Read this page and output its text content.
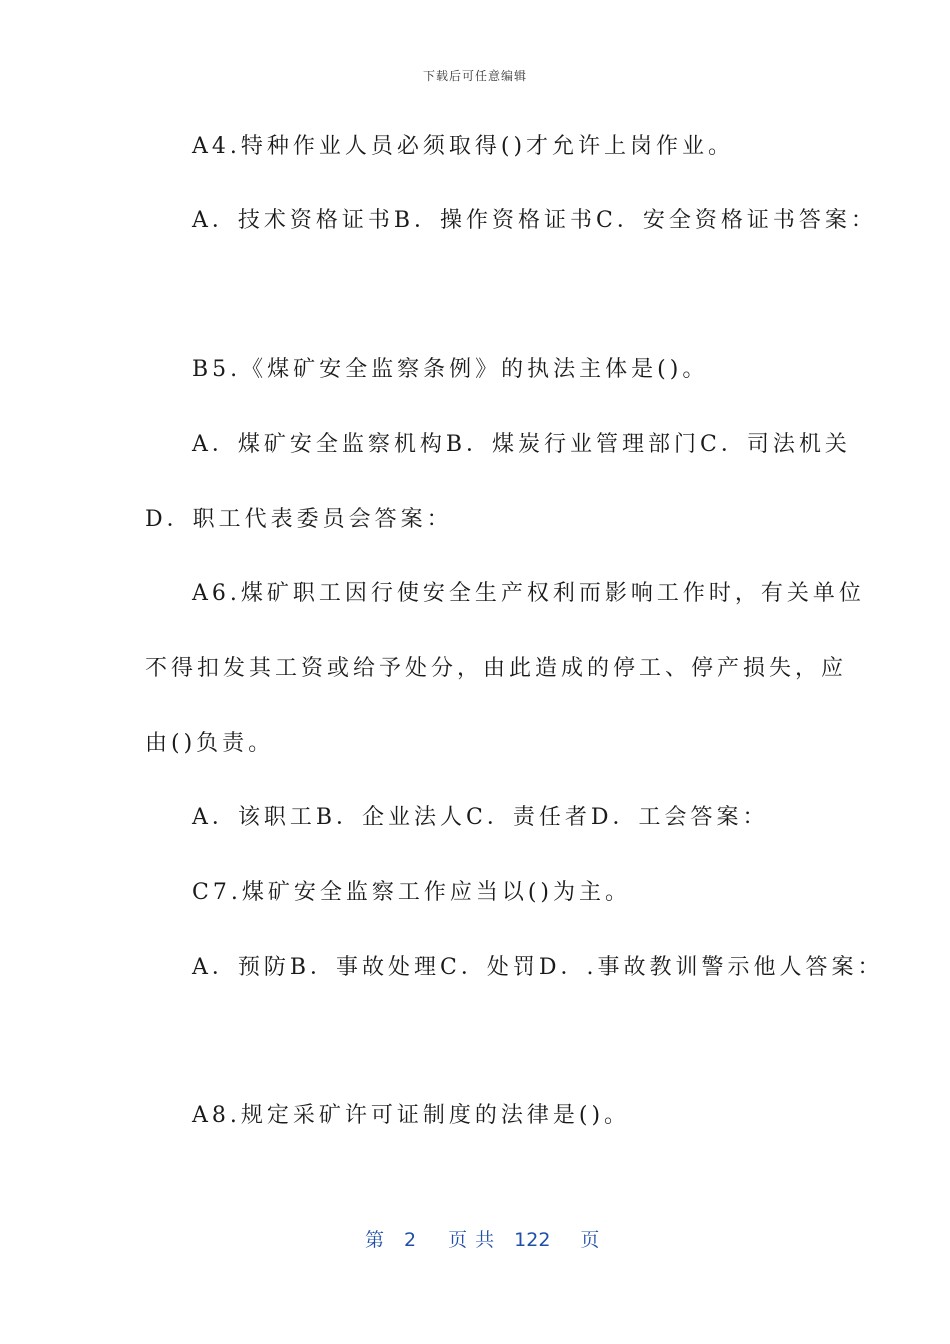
下载后可任意编辑
A4.特种作业人员必须取得()才允许上岗作业。
A．技术资格证书B．操作资格证书C．安全资格证书答案：
B5.《煤矿安全监察条例》的执法主体是()。
A．煤矿安全监察机构B．煤炭行业管理部门C．司法机关
D．职工代表委员会答案：
A6.煤矿职工因行使安全生产权利而影响工作时，有关单位
不得扣发其工资或给予处分，由此造成的停工、停产损失，应
由()负责。
A．该职工B．企业法人C．责任者D．工会答案：
C7.煤矿安全监察工作应当以()为主。
A．预防B．事故处理C．处罚D．.事故教训警示他人答案：
A8.规定采矿许可证制度的法律是()。
第 2 页 共 122 页
